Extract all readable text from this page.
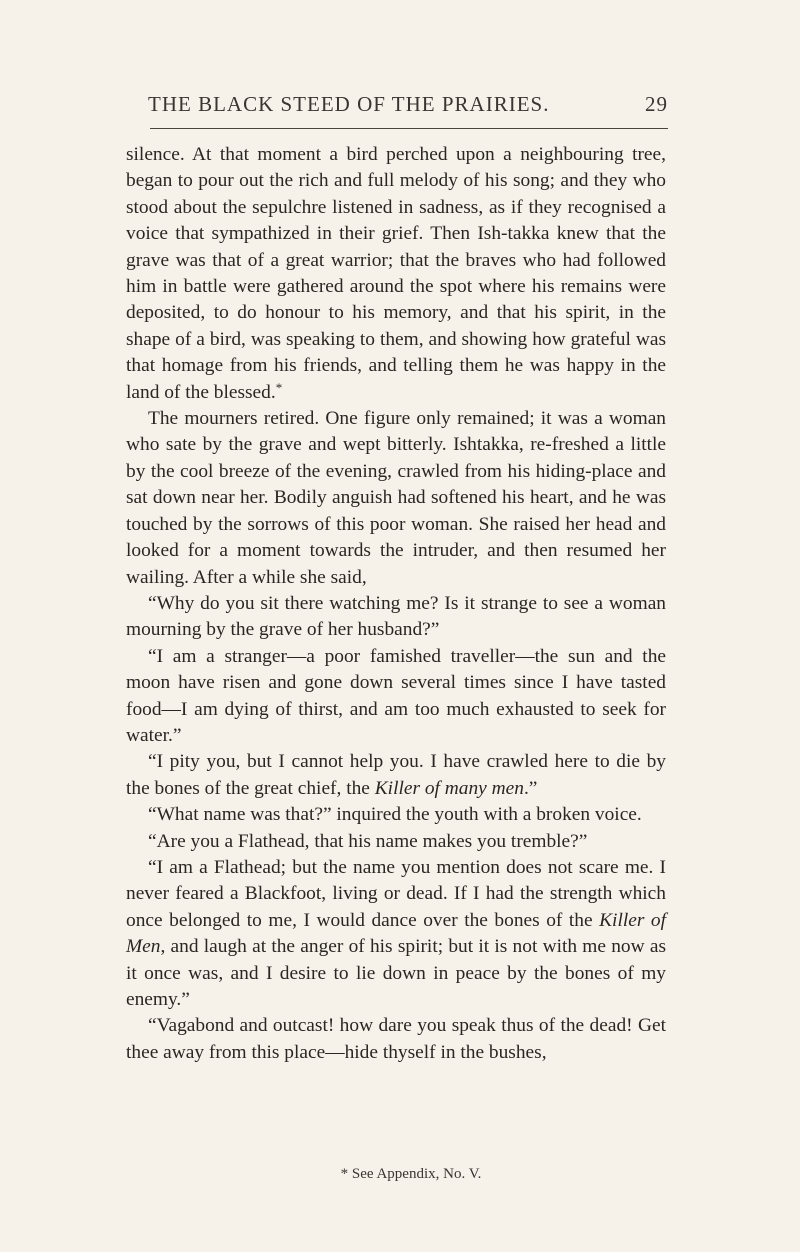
THE BLACK STEED OF THE PRAIRIES.	29

silence. At that moment a bird perched upon a neighbouring tree, began to pour out the rich and full melody of his song; and they who stood about the sepulchre listened in sadness, as if they recognised a voice that sympathized in their grief. Then Ish-takka knew that the grave was that of a great warrior; that the braves who had followed him in battle were gathered around the spot where his remains were deposited, to do honour to his memory, and that his spirit, in the shape of a bird, was speaking to them, and showing how grateful was that homage from his friends, and telling them he was happy in the land of the blessed.*

The mourners retired. One figure only remained; it was a woman who sate by the grave and wept bitterly. Ishtakka, re-freshed a little by the cool breeze of the evening, crawled from his hiding-place and sat down near her. Bodily anguish had softened his heart, and he was touched by the sorrows of this poor woman. She raised her head and looked for a moment towards the intruder, and then resumed her wailing. After a while she said,

“Why do you sit there watching me? Is it strange to see a woman mourning by the grave of her husband?”

“I am a stranger—a poor famished traveller—the sun and the moon have risen and gone down several times since I have tasted food—I am dying of thirst, and am too much exhausted to seek for water.”

“I pity you, but I cannot help you. I have crawled here to die by the bones of the great chief, the Killer of many men.”

“What name was that?” inquired the youth with a broken voice.

“Are you a Flathead, that his name makes you tremble?”

“I am a Flathead; but the name you mention does not scare me. I never feared a Blackfoot, living or dead. If I had the strength which once belonged to me, I would dance over the bones of the Killer of Men, and laugh at the anger of his spirit; but it is not with me now as it once was, and I desire to lie down in peace by the bones of my enemy.”

“Vagabond and outcast! how dare you speak thus of the dead! Get thee away from this place—hide thyself in the bushes,

* See Appendix, No. V.
